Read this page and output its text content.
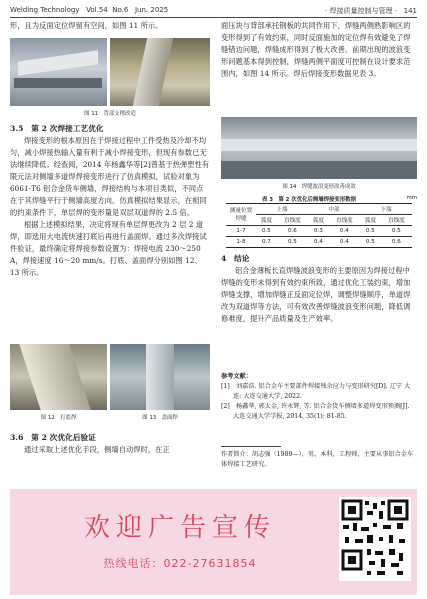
Welding Technology Vol.54 No.6 Jun. 2025	· 焊接质量控制与管理 · 141

形，且为反面定位焊留有空间，如图 11 所示。

图 11　背部支撑改造

3.5　第 2 次焊接工艺优化

焊接变形的根本原因在于焊接过程中工件受热及冷却不均匀，减小焊接热输入量有利于减小焊接变形，但现有参数已无法继续降低。经查阅，2014 年杨鑫华等[2]曾基于热弹塑性有限元法对侧墙多道焊焊接变形进行了仿真模拟，试验对象为 6061-T6 铝合金货车侧墙，焊接结构与本项目类似，不同点在于其焊缝平行于侧墙高度方向。仿真模拟结果显示，在相同的约束条件下，单层焊的变形量是双层双道焊的 2.5 倍。

根据上述模拟结果，决定将现有单层焊更改为 2 层 2 道焊，即选用大电流快速打底后再进行盖面焊。通过多次焊接试件验证，最终确定将焊接参数设置为：焊接电流 230～250 A，焊接速度 16～20 mm/s。打底、盖面焊分别如图 12、13 所示。

图 12　打底焊	图 13　盖面焊

3.6　第 2 次优化后验证

通过采取上述优化手段，侧墙自动焊时，在正

面压块与背部承托钢板的共同作用下，焊缝两侧熟影响区的变形得到了有效约束，同时反面施加的定位焊有效避免了焊缝错边问题，焊缝成形得到了极大改善。前期出现的波浪变形问题基本得到控制，焊缝两侧平面度可控制在设计要求范围内，如图 14 所示。焊后焊接变形数据见表 3。

图 14　焊缝波浪变形改善成效
表 3　第 2 次优化后侧墙焊接变形数据	mm
测量位置
焊缝	上端		中部		下端	
	弧度	直线度	弧度	直线度	弧度	直线度
1-7	0.5	0.6	0.3	0.4	0.5	0.5
1-8	0.7	0.5	0.4	0.4	0.5	0.6

4　结论

铝合金薄板长直焊缝波浪变形的主要原因为焊接过程中焊缝的变形未得到有效约束所致，通过优化工装约束，增加焊缝支撑，增加焊缝正反面定位焊，调整焊缝顺序，单道焊改为双道焊等方法，可有效改善焊缝波浪变形问题，降低调修难度，提升产品质量及生产效率。

参考文献：

[1]　刘嘉浩. 铝合金车主要部件焊接残余应力与变形研究[D]. 辽宁 大连: 大连交通大学, 2022.

[2]　杨鑫华, 郭太金, 许永辉, 等. 铝合金货车侧墙多道焊变形预测[J]. 大连交通大学学报, 2014, 35(1): 81-85.

作者简介：胡志强（1989—），男，本科，工程师，主要从事铝合金车体焊接工艺研究。
欢迎广告宣传
热线电话：022-27631854
